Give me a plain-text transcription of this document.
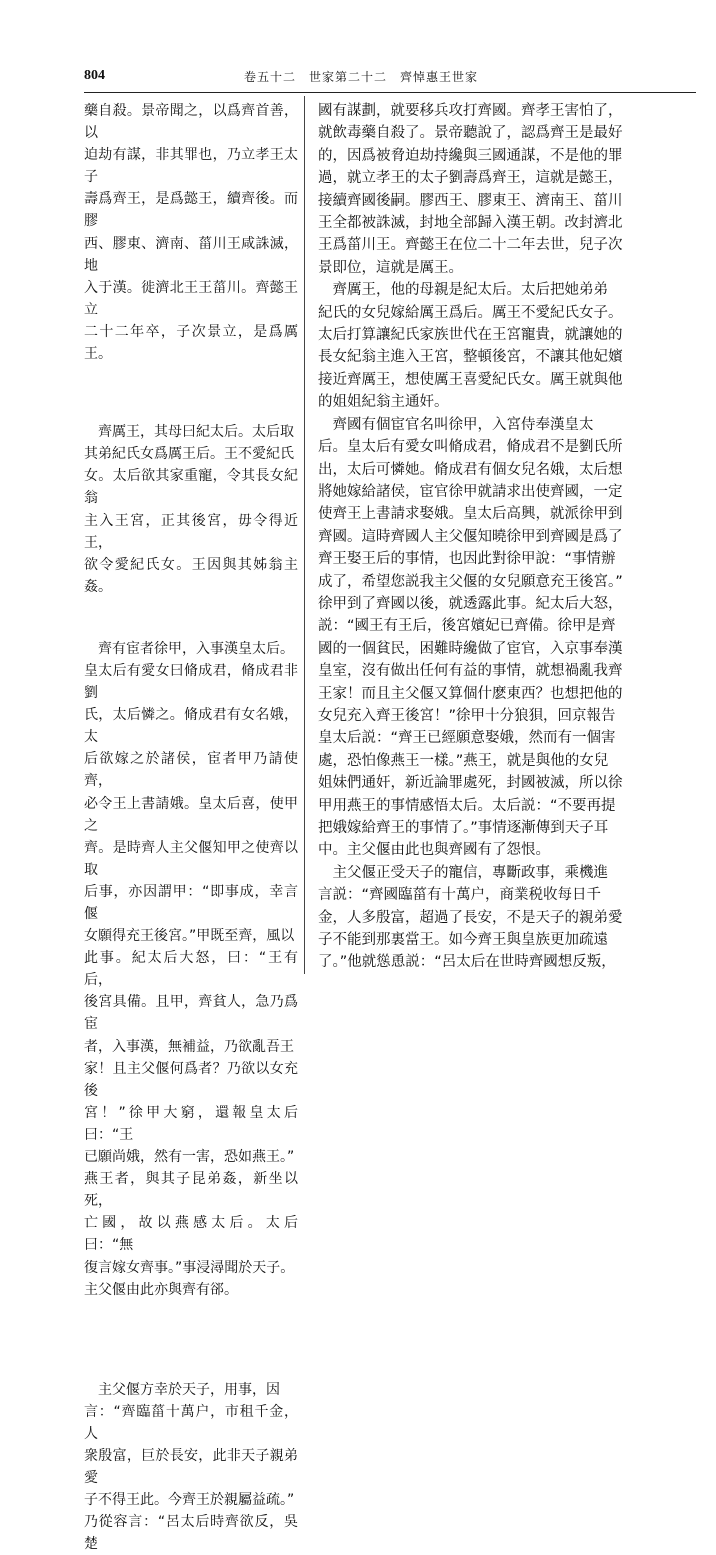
804	卷五十二　世家第二十二　齊悼惠王世家

藥自殺。景帝聞之，以爲齊首善，以
迫劫有謀，非其罪也，乃立孝王太子
壽爲齊王，是爲懿王，續齊後。而膠
西、膠東、濟南、菑川王咸誅滅，地
入于漢。徙濟北王王菑川。齊懿王立
二十二年卒，子次景立，是爲厲王。

　齊厲王，其母曰紀太后。太后取
其弟紀氏女爲厲王后。王不愛紀氏
女。太后欲其家重寵，令其長女紀翁
主入王宮，正其後宮，毋令得近王，
欲令愛紀氏女。王因與其姊翁主姦。

　齊有宦者徐甲，入事漢皇太后。
皇太后有愛女曰脩成君，脩成君非劉
氏，太后憐之。脩成君有女名娥，太
后欲嫁之於諸侯，宦者甲乃請使齊，
必令王上書請娥。皇太后喜，使甲之
齊。是時齊人主父偃知甲之使齊以取
后事，亦因謂甲：“即事成，幸言偃
女願得充王後宮。”甲既至齊，風以
此事。紀太后大怒，曰：“王有后，
後宮具備。且甲，齊貧人，急乃爲宦
者，入事漢，無補益，乃欲亂吾王
家！且主父偃何爲者？乃欲以女充後
宮！”徐甲大窮，還報皇太后曰：“王
已願尚娥，然有一害，恐如燕王。”
燕王者，與其子昆弟姦，新坐以死，
亡國，故以燕感太后。太后曰：“無
復言嫁女齊事。”事浸潯聞於天子。
主父偃由此亦與齊有郤。

　主父偃方幸於天子，用事，因
言：“齊臨菑十萬户，市租千金，人
衆殷富，巨於長安，此非天子親弟愛
子不得王此。今齊王於親屬益疏。”
乃從容言：“呂太后時齊欲反，吳楚

國有謀劃，就要移兵攻打齊國。齊孝王害怕了，
就飲毒藥自殺了。景帝聽說了，認爲齊王是最好
的，因爲被脅迫劫持纔與三國通謀，不是他的罪
過，就立孝王的太子劉壽爲齊王，這就是懿王，
接續齊國後嗣。膠西王、膠東王、濟南王、菑川
王全都被誅滅，封地全部歸入漢王朝。改封濟北
王爲菑川王。齊懿王在位二十二年去世，兒子次
景即位，這就是厲王。

　齊厲王，他的母親是紀太后。太后把她弟弟
紀氏的女兒嫁給厲王爲后。厲王不愛紀氏女子。
太后打算讓紀氏家族世代在王宮寵貴，就讓她的
長女紀翁主進入王宮，整頓後宮，不讓其他妃嬪
接近齊厲王，想使厲王喜愛紀氏女。厲王就與他
的姐姐紀翁主通奸。

　齊國有個宦官名叫徐甲，入宮侍奉漢皇太
后。皇太后有愛女叫脩成君，脩成君不是劉氏所
出，太后可憐她。脩成君有個女兒名娥，太后想
將她嫁給諸侯，宦官徐甲就請求出使齊國，一定
使齊王上書請求娶娥。皇太后高興，就派徐甲到
齊國。這時齊國人主父偃知曉徐甲到齊國是爲了
齊王娶王后的事情，也因此對徐甲說：“事情辦
成了，希望您説我主父偃的女兒願意充王後宮。”
徐甲到了齊國以後，就透露此事。紀太后大怒，
説：“國王有王后，後宮嬪妃已齊備。徐甲是齊
國的一個貧民，困難時纔做了宦官，入京事奉漢
皇室，沒有做出任何有益的事情，就想禍亂我齊
王家！而且主父偃又算個什麽東西？也想把他的
女兒充入齊王後宮！”徐甲十分狼狽，回京報告
皇太后説：“齊王已經願意娶娥，然而有一個害
處，恐怕像燕王一樣。”燕王，就是與他的女兒
姐妹們通奸，新近論罪處死，封國被滅，所以徐
甲用燕王的事情感悟太后。太后説：“不要再提
把娥嫁給齊王的事情了。”事情逐漸傳到天子耳
中。主父偃由此也與齊國有了怨恨。

　主父偃正受天子的寵信，專斷政事，乘機進
言説：“齊國臨菑有十萬户，商業税收每日千
金，人多殷富，超過了長安，不是天子的親弟愛
子不能到那裏當王。如今齊王與皇族更加疏遠
了。”他就慫恿説：“呂太后在世時齊國想反叛，
